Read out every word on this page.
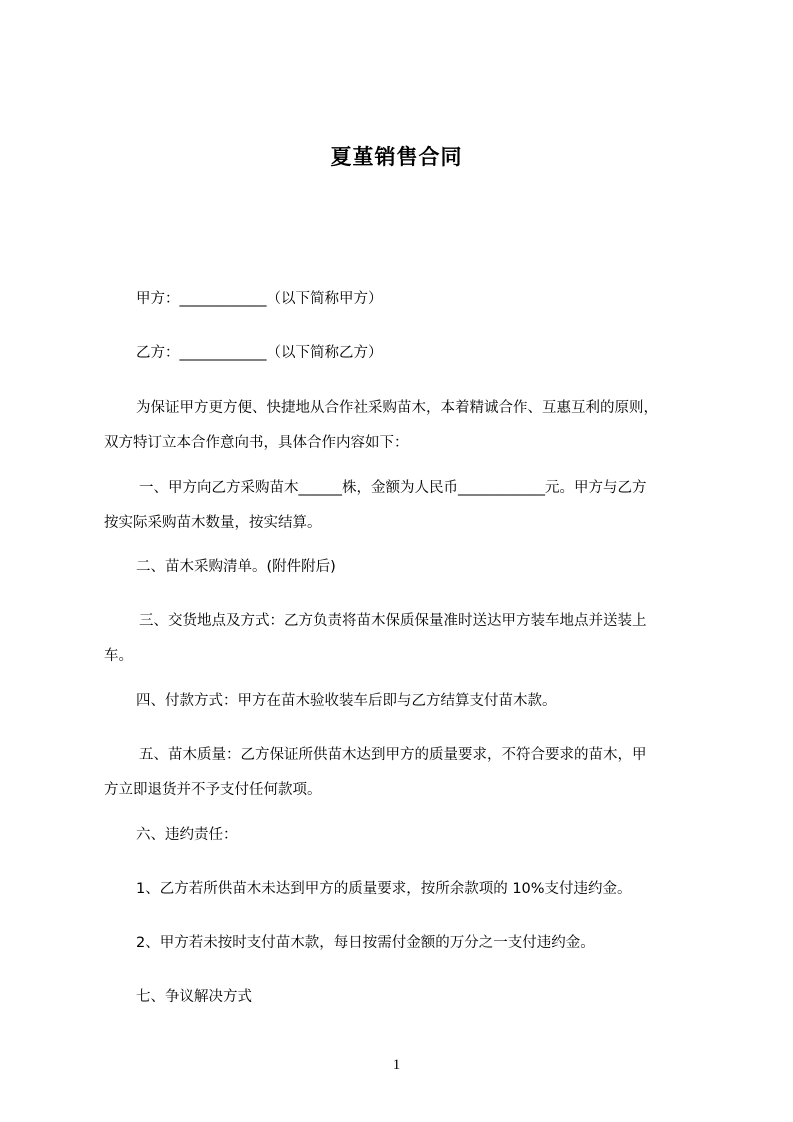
夏堇销售合同
甲方：____________（以下简称甲方）
乙方：____________（以下简称乙方）
为保证甲方更方便、快捷地从合作社采购苗木，本着精诚合作、互惠互利的原则，
双方特订立本合作意向书，具体合作内容如下：
一、甲方向乙方采购苗木______株，金额为人民币____________元。甲方与乙方
按实际采购苗木数量，按实结算。
二、苗木采购清单。(附件附后)
三、交货地点及方式：乙方负责将苗木保质保量准时送达甲方装车地点并送装上
车。
四、付款方式：甲方在苗木验收装车后即与乙方结算支付苗木款。
五、苗木质量：乙方保证所供苗木达到甲方的质量要求，不符合要求的苗木，甲
方立即退货并不予支付任何款项。
六、违约责任：
1、乙方若所供苗木未达到甲方的质量要求，按所余款项的 10%支付违约金。
2、甲方若未按时支付苗木款，每日按需付金额的万分之一支付违约金。
七、争议解决方式
1
